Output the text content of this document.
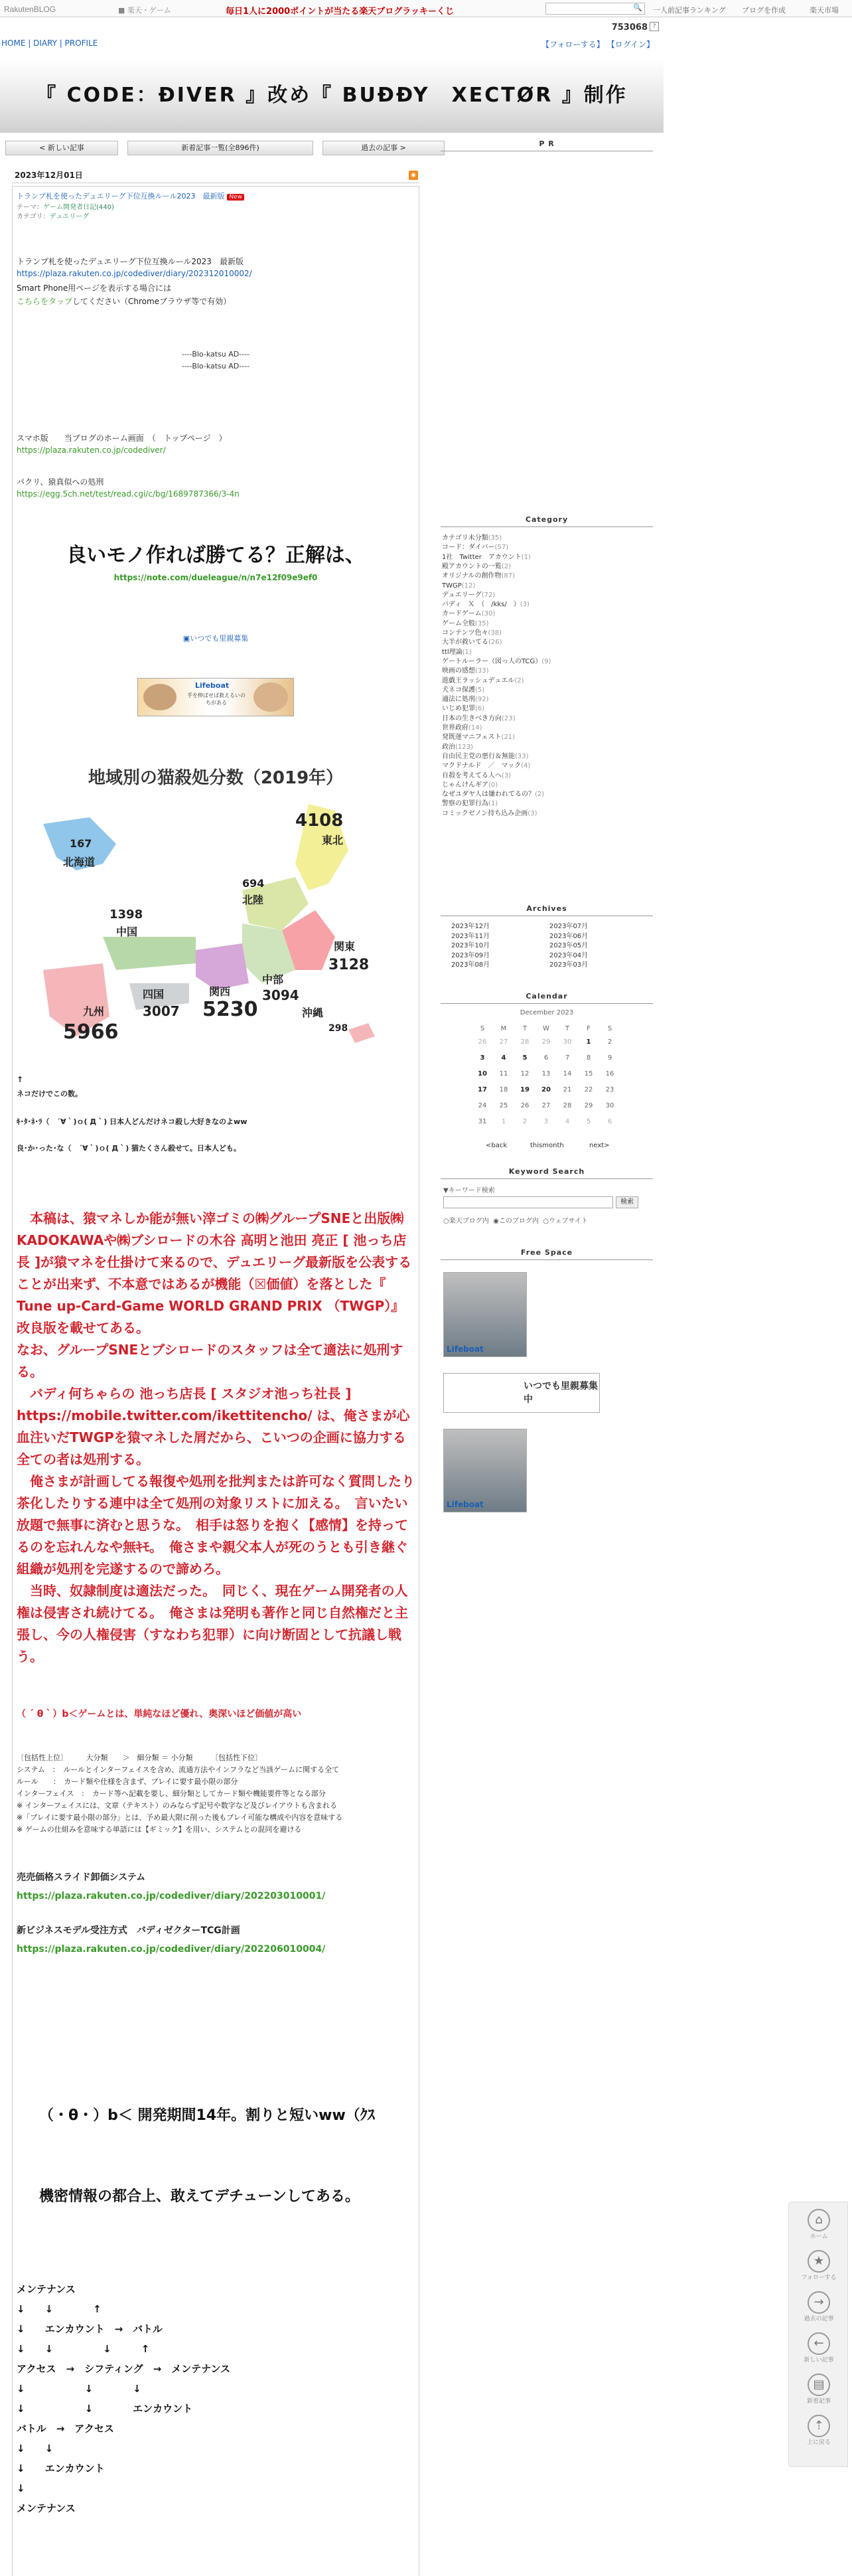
RakutenBLOG	■ 楽天・ゲーム	毎日1人に2000ポイントが当たる楽天ブログラッキーくじ	🔍 一人前記事ランキング ブログを作成	楽天市場
753068 ?
HOME | DIARY | PROFILE	【フォローする】 【ログイン】
『 CODE：ÐIVER 』改め『 BUÐÐY　XECTØR 』制作
< 新しい記事	新着記事一覧(全896件)	過去の記事 >
2023年12月01日	◉
トランプ札を使ったデュエリーグ下位互換ルール2023　最新版 New
テーマ：ゲーム開発者日記(440)
カテゴリ：デュエリーグ
トランプ札を使ったデュエリーグ下位互換ルール2023　最新版
https://plaza.rakuten.co.jp/codediver/diary/202312010002/
Smart Phone用ページを表示する場合には
こちらをタップしてください（Chromeブラウザ等で有効）
----Blo-katsu AD----
----Blo-katsu AD----
スマホ版　　当ブログのホーム画面　（　トップページ　）
https://plaza.rakuten.co.jp/codediver/
パクリ、猿真似への処刑
https://egg.5ch.net/test/read.cgi/c/bg/1689787366/3-4n
良いモノ作れば勝てる？正解は、
https://note.com/dueleague/n/n7e12f09e9ef0
▣いつでも里親募集
Lifeboat
手を伸ばせば救えるいのちがある
地域別の猫殺処分数（2019年）
167
北海道
4108
東北
694
北陸
1398
中国
関東
3128
中部
3094
四国
3007
関西
5230
九州
5966
沖縄
298
↑
ネコだけでこの数。
ｷ･ﾀ･ﾈ･ﾗ（　´∀｀)ｏ( Д｀) 日本人どんだけネコ殺し大好きなのよww
良･か･った･な（　´∀｀)ｏ( Д｀) 猫たくさん殺せて。日本人ども。
　本稿は、猿マネしか能が無い滓ゴミの㈱グループSNEと出版㈱KADOKAWAや㈱ブシロードの木谷 高明と池田 亮正 [ 池っち店長 ]が猿マネを仕掛けて来るので、デュエリーグ最新版を公表することが出来ず、不本意ではあるが機能（☒価値）を落とした『　Tune up-Card-Game WORLD GRAND PRIX （TWGP）』改良版を載せてある。
なお、グループSNEとブシロードのスタッフは全て適法に処刑する。
　バディ何ちゃらの 池っち店長 [ スタジオ池っち社長 ] https://mobile.twitter.com/ikettitencho/ は、俺さまが心血注いだTWGPを猿マネした屑だから、こいつの企画に協力する全ての者は処刑する。
　俺さまが計画してる報復や処刑を批判または許可なく質問したり茶化したりする連中は全て処刑の対象リストに加える。　言いたい放題で無事に済むと思うな。　相手は怒りを抱く【感情】を持ってるのを忘れんなや無ｷﾓ。　俺さまや親父本人が死のうとも引き継ぐ組織が処刑を完遂するので諦めろ。
　当時、奴隷制度は適法だった。　同じく、現在ゲーム開発者の人権は侵害され続けてる。　俺さまは発明も著作と同じ自然権だと主張し、今の人権侵害（すなわち犯罪）に向け断固として抗議し戦う。
（ ´ θ｀）b＜ゲームとは、単純なほど優れ、奥深いほど価値が高い
〔包括性上位〕　　　大分類　　＞　細分類 ＝ 小分類　　　〔包括性下位〕
システム　：　ルールとインターフェイスを含め、流通方法やインフラなど当該ゲームに関する全て
ルール　　：　カード類や仕様を含まず、プレイに要す最小限の部分
インターフェイス　：　カード等へ記載を要し、細分類としてカード類や機能要件等となる部分
※ インターフェイスには、文章（テキスト）のみならず記号や数字など及びレイアウトも含まれる
※「プレイに要す最小限の部分」とは、予め最大限に削った後もプレイ可能な構成や内容を意味する
※ ゲームの仕組みを意味する単語には【ギミック】を用い、システムとの混同を避ける
売売価格スライド卸価システム
https://plaza.rakuten.co.jp/codediver/diary/202203010001/
新ビジネスモデル受注方式　バディゼクターTCG計画
https://plaza.rakuten.co.jp/codediver/diary/202206010004/
（・θ・）b＜ 開発期間14年。割りと短いww（ｸｽ
機密情報の都合上、敢えてデチューンしてある。
メンテナンス
↓　　↓　　　　↑
↓　　エンカウント　→　バトル
↓　　↓　　　　　↓　　　↑
アクセス　→　シフティング　→　メンテナンス
↓　　　　　　↓　　　　↓
↓　　　　　　↓　　　　エンカウント
バトル　→　アクセス
↓　　↓
↓　　エンカウント
↓
メンテナンス
P R
Category
カテゴリ未分類(35)
コード：ダイバー(57)
1社　Twitter　アカウント(1)
殿アカウントの一覧(2)
オリジナルの創作物(87)
TWGP(12)
デュエリーグ(72)
バディ　Ｘ　（　/kks/　）(3)
カードゲーム(30)
ゲーム全般(35)
コンテンツ色々(38)
大半が救いてる(26)
ttl理論(1)
ゲートルーラー（図っ人のTCG）(9)
映画の感想(33)
遊戯王ラッシュデュエル(2)
犬ネコ保護(5)
適法に処刑(92)
いじめ犯罪(6)
日本の生きべき方向(23)
世界政府(14)
発既運マニフェスト(21)
政治(123)
自由民主党の悪行＆無能(33)
マクドナルド　／　マック(4)
自殺を考えてる人へ(3)
じゃんけんギア(0)
なぜユダヤ人は嫌われてるの？(2)
警察の犯罪行為(1)
コミックゼノン持ち込み企画(3)
Archives
2023年12月	2023年07月
2023年11月	2023年06月
2023年10月	2023年05月
2023年09月	2023年04月
2023年08月	2023年03月
Calendar
December 2023
S	M	T	W	T	F	S
26	27	28	29	30	1	2
3	4	5	6	7	8	9
10	11	12	13	14	15	16
17	18	19	20	21	22	23
24	25	26	27	28	29	30
31	1	2	3	4	5	6
<back	thismonth	next>
Keyword Search
▼キーワード検索
検索
○楽天ブログ内 ◉このブログ内 ○ウェブサイト
Free Space
Lifeboat
いつでも里親募集中
Lifeboat
⌂
ホーム
★
フォローする
→
過去の記事
←
新しい記事
▤
新着記事
⇡
上に戻る
